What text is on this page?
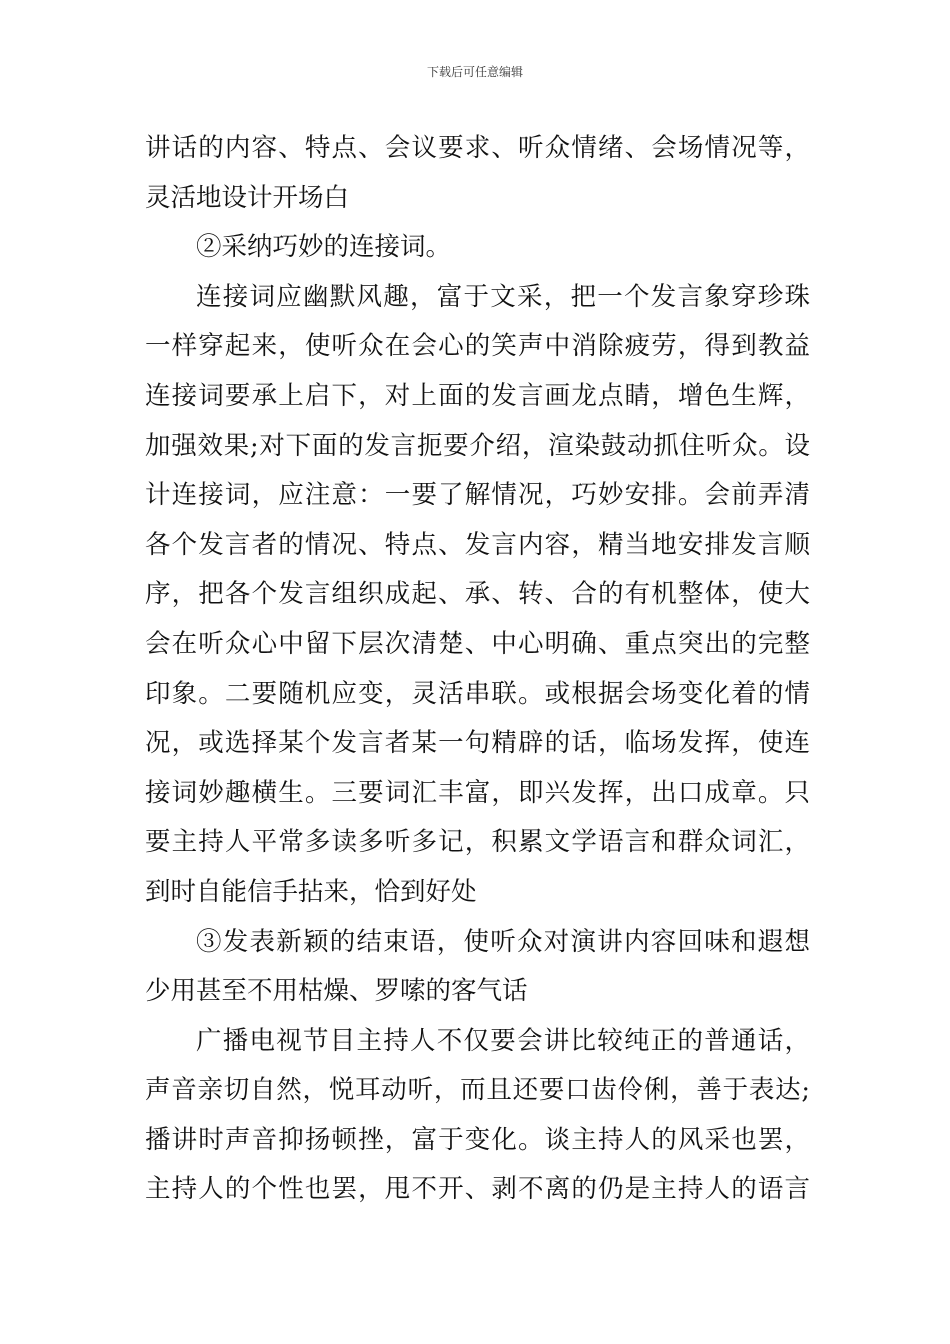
下载后可任意编辑
讲话的内容、特点、会议要求、听众情绪、会场情况等，
灵活地设计开场白
②采纳巧妙的连接词。
连接词应幽默风趣，富于文采，把一个发言象穿珍珠
一样穿起来，使听众在会心的笑声中消除疲劳，得到教益
连接词要承上启下，对上面的发言画龙点睛，增色生辉，
加强效果;对下面的发言扼要介绍，渲染鼓动抓住听众。设
计连接词，应注意：一要了解情况，巧妙安排。会前弄清
各个发言者的情况、特点、发言内容，精当地安排发言顺
序，把各个发言组织成起、承、转、合的有机整体，使大
会在听众心中留下层次清楚、中心明确、重点突出的完整
印象。二要随机应变，灵活串联。或根据会场变化着的情
况，或选择某个发言者某一句精辟的话，临场发挥，使连
接词妙趣横生。三要词汇丰富，即兴发挥，出口成章。只
要主持人平常多读多听多记，积累文学语言和群众词汇，
到时自能信手拈来，恰到好处
③发表新颖的结束语，使听众对演讲内容回味和遐想
少用甚至不用枯燥、罗嗦的客气话
广播电视节目主持人不仅要会讲比较纯正的普通话，
声音亲切自然，悦耳动听，而且还要口齿伶俐，善于表达;
播讲时声音抑扬顿挫，富于变化。谈主持人的风采也罢，
主持人的个性也罢，甩不开、剥不离的仍是主持人的语言
